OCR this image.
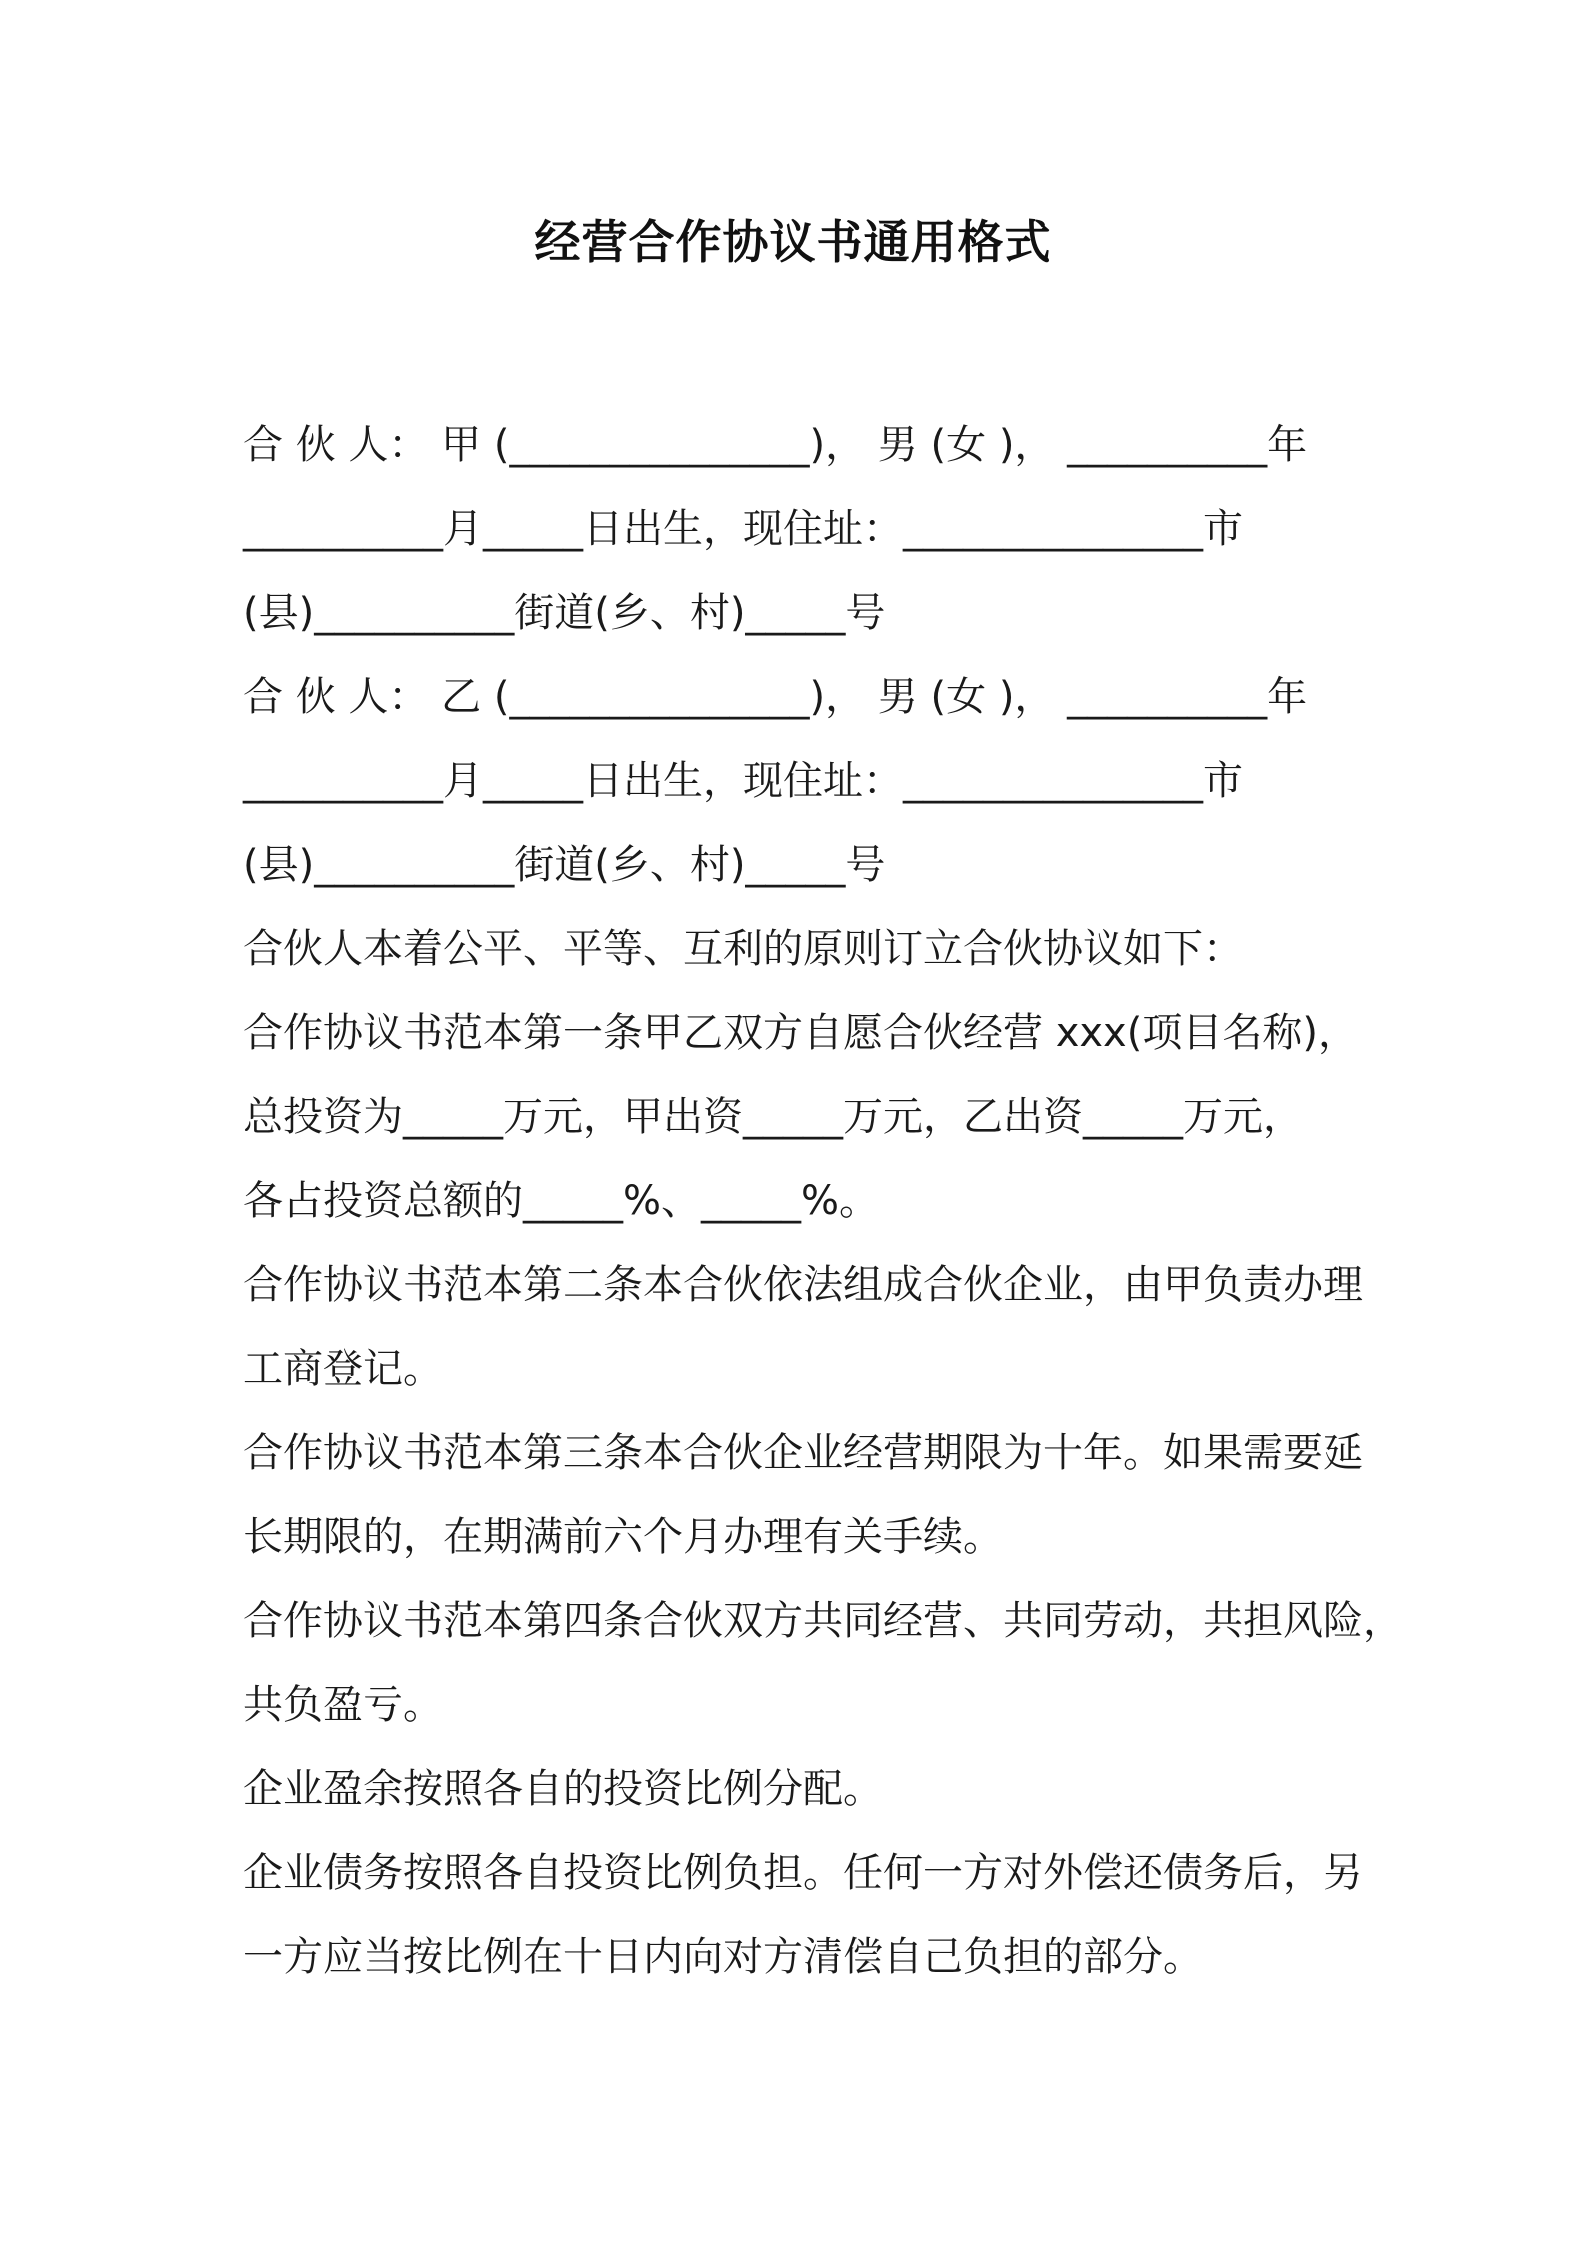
经营合作协议书通用格式
合 伙 人： 甲 (_______________)， 男 (女 )， __________年
__________月_____日出生，现住址：_______________市
(县)__________街道(乡、村)_____号
合 伙 人： 乙 (_______________)， 男 (女 )， __________年
__________月_____日出生，现住址：_______________市
(县)__________街道(乡、村)_____号
合伙人本着公平、平等、互利的原则订立合伙协议如下：
合作协议书范本第一条甲乙双方自愿合伙经营 xxx(项目名称)，
总投资为_____万元，甲出资_____万元，乙出资_____万元，
各占投资总额的_____%、_____%。
合作协议书范本第二条本合伙依法组成合伙企业，由甲负责办理
工商登记。
合作协议书范本第三条本合伙企业经营期限为十年。如果需要延
长期限的，在期满前六个月办理有关手续。
合作协议书范本第四条合伙双方共同经营、共同劳动，共担风险，
共负盈亏。
企业盈余按照各自的投资比例分配。
企业债务按照各自投资比例负担。任何一方对外偿还债务后，另
一方应当按比例在十日内向对方清偿自己负担的部分。
